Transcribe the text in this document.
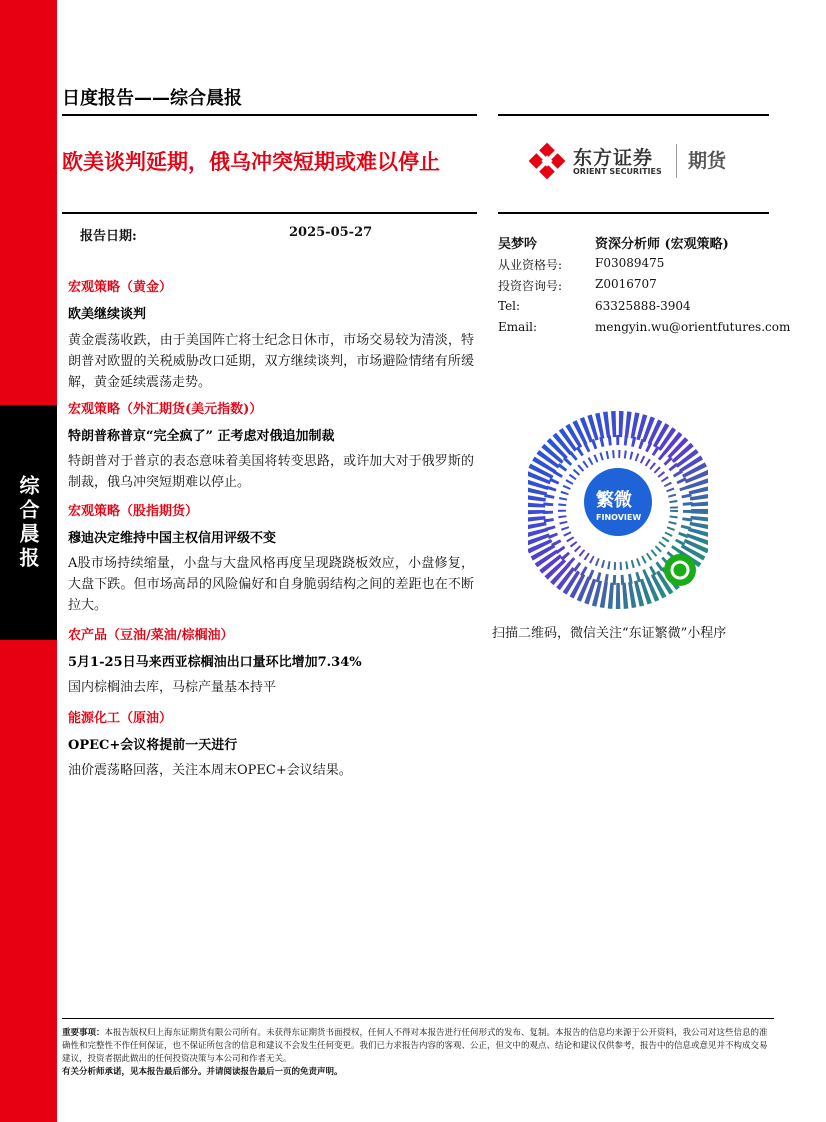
综合晨报
日度报告——综合晨报
欧美谈判延期，俄乌冲突短期或难以停止	东方证券
ORIENT SECURITIES 期货
报告日期:	2025-05-27
吴梦吟	资深分析师 (宏观策略)
从业资格号:	F03089475
投资咨询号:	Z0016707
Tel:	63325888-3904
Email:	mengyin.wu@orientfutures.com
繁微
FINOVIEW
扫描二维码，微信关注“东证繁微”小程序
宏观策略（黄金）
欧美继续谈判
黄金震荡收跌，由于美国阵亡将士纪念日休市，市场交易较为清淡，特朗普对欧盟的关税威胁改口延期，双方继续谈判，市场避险情绪有所缓解，黄金延续震荡走势。
宏观策略（外汇期货(美元指数)）
特朗普称普京“完全疯了” 正考虑对俄追加制裁
特朗普对于普京的表态意味着美国将转变思路，或许加大对于俄罗斯的制裁，俄乌冲突短期难以停止。
宏观策略（股指期货）
穆迪决定维持中国主权信用评级不变
A股市场持续缩量，小盘与大盘风格再度呈现跷跷板效应，小盘修复，大盘下跌。但市场高昂的风险偏好和自身脆弱结构之间的差距也在不断拉大。
农产品（豆油/菜油/棕榈油）
5月1-25日马来西亚棕榈油出口量环比增加7.34%
国内棕榈油去库，马棕产量基本持平
能源化工（原油）
OPEC+会议将提前一天进行
油价震荡略回落，关注本周末OPEC+会议结果。
重要事项：本报告版权归上海东证期货有限公司所有。未获得东证期货书面授权，任何人不得对本报告进行任何形式的发布、复制。本报告的信息均来源于公开资料，我公司对这些信息的准确性和完整性不作任何保证，也不保证所包含的信息和建议不会发生任何变更。我们已力求报告内容的客观、公正，但文中的观点、结论和建议仅供参考，报告中的信息或意见并不构成交易建议，投资者据此做出的任何投资决策与本公司和作者无关。
有关分析师承诺，见本报告最后部分。并请阅读报告最后一页的免责声明。
